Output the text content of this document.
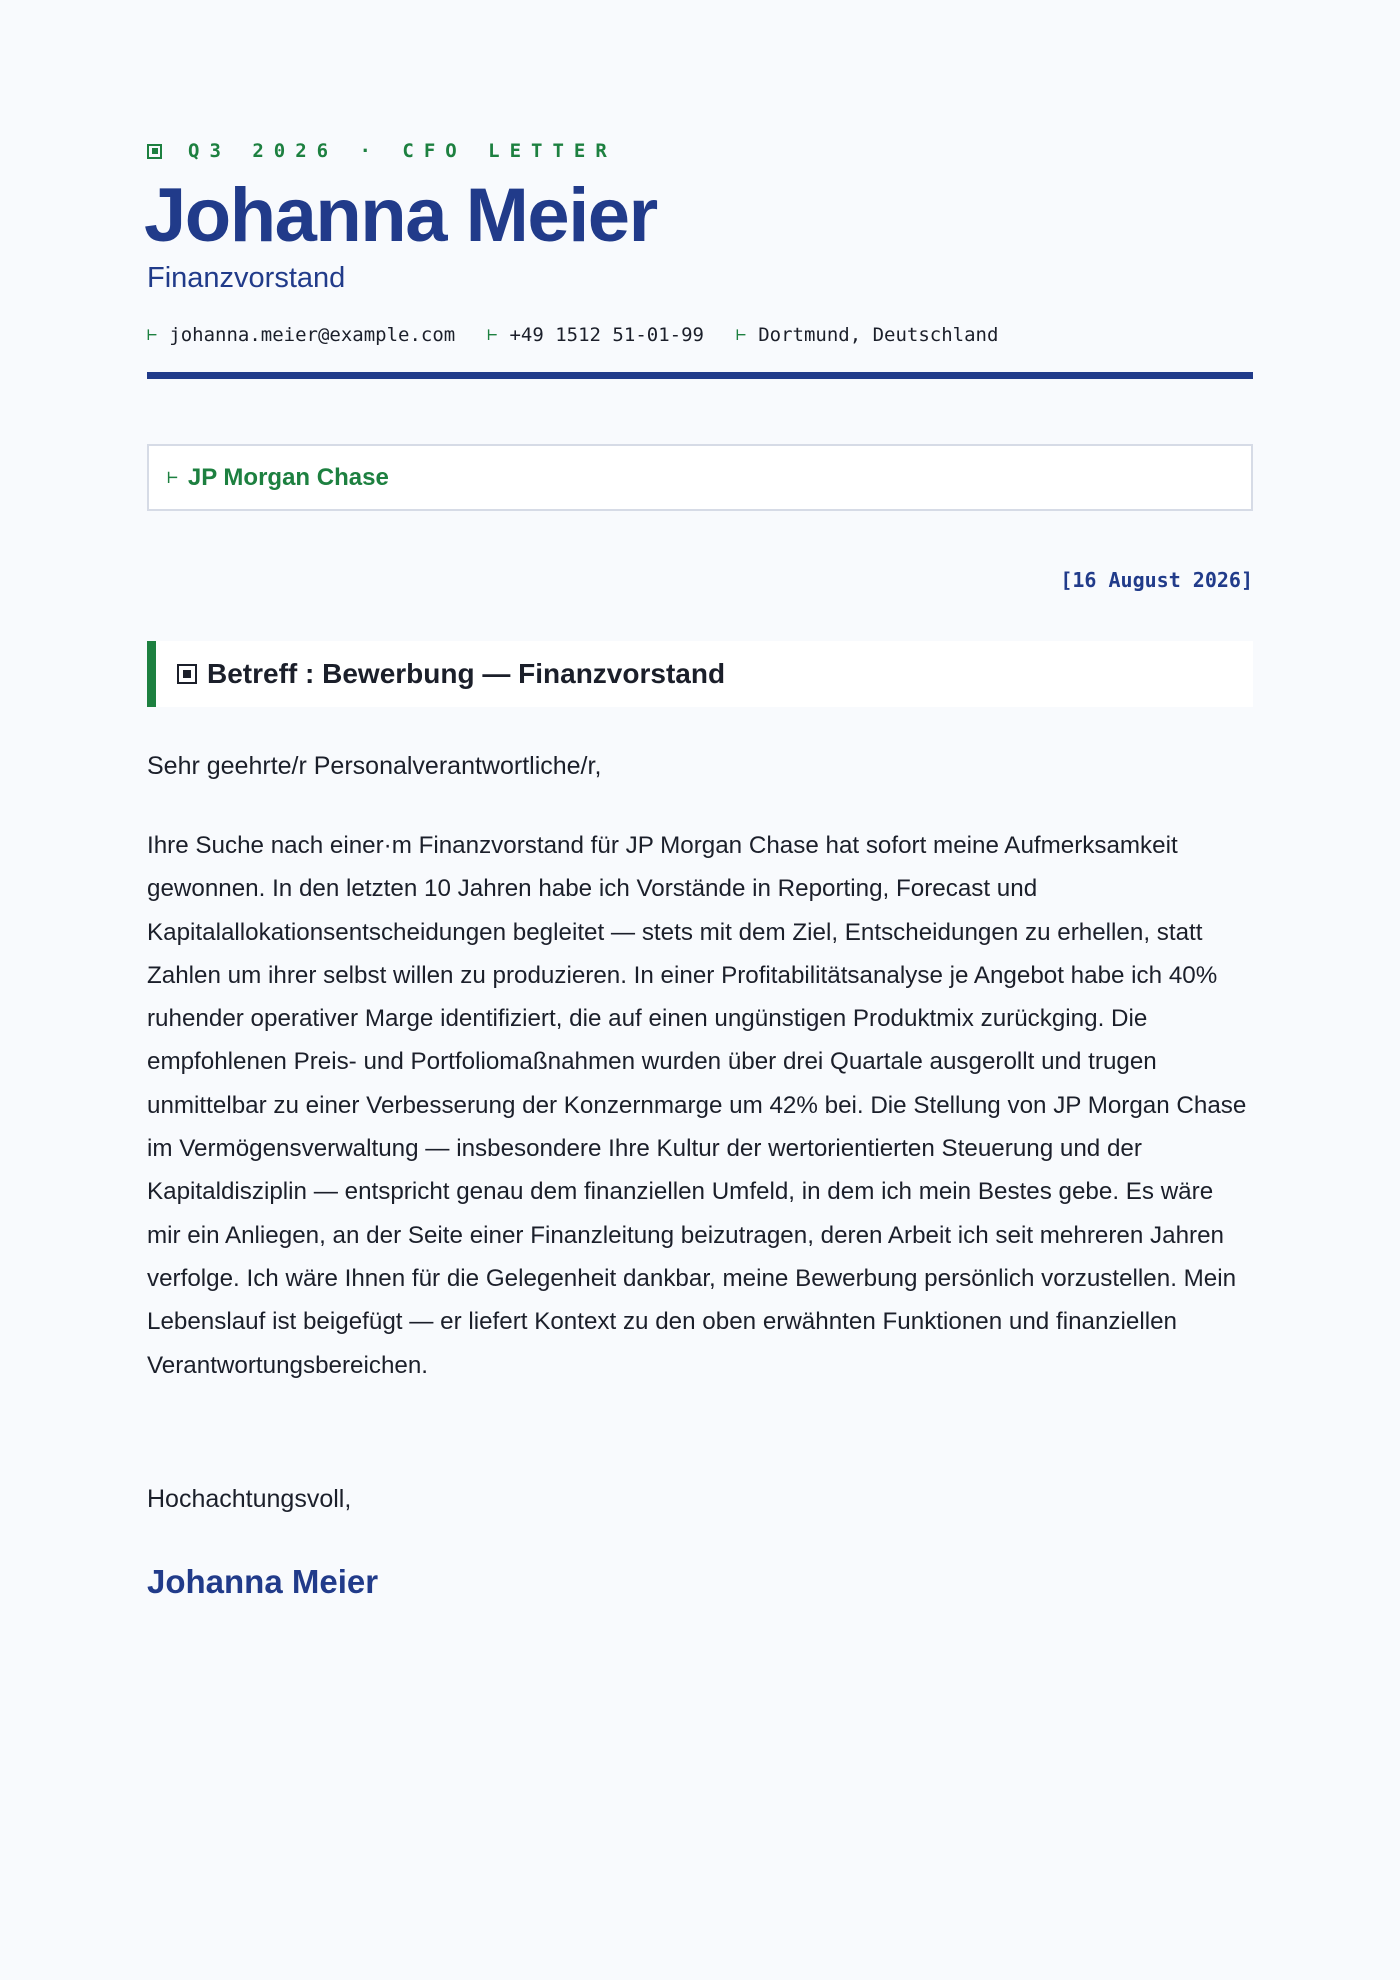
Q3 2026 · CFO LETTER
Johanna Meier
Finanzvorstand
⊢ johanna.meier@example.com ⊢ +49 1512 51-01-99 ⊢ Dortmund, Deutschland
⊢ JP Morgan Chase
[16 August 2026]
Betreff : Bewerbung — Finanzvorstand
Sehr geehrte/r Personalverantwortliche/r,
Ihre Suche nach einer·m Finanzvorstand für JP Morgan Chase hat sofort meine Aufmerksamkeit gewonnen. In den letzten 10 Jahren habe ich Vorstände in Reporting, Forecast und Kapitalallokationsentscheidungen begleitet — stets mit dem Ziel, Entscheidungen zu erhellen, statt Zahlen um ihrer selbst willen zu produzieren. In einer Profitabilitätsanalyse je Angebot habe ich 40% ruhender operativer Marge identifiziert, die auf einen ungünstigen Produktmix zurückging. Die empfohlenen Preis- und Portfoliomaßnahmen wurden über drei Quartale ausgerollt und trugen unmittelbar zu einer Verbesserung der Konzernmarge um 42% bei. Die Stellung von JP Morgan Chase im Vermögensverwaltung — insbesondere Ihre Kultur der wertorientierten Steuerung und der Kapitaldisziplin — entspricht genau dem finanziellen Umfeld, in dem ich mein Bestes gebe. Es wäre mir ein Anliegen, an der Seite einer Finanzleitung beizutragen, deren Arbeit ich seit mehreren Jahren verfolge. Ich wäre Ihnen für die Gelegenheit dankbar, meine Bewerbung persönlich vorzustellen. Mein Lebenslauf ist beigefügt — er liefert Kontext zu den oben erwähnten Funktionen und finanziellen Verantwortungsbereichen.
Hochachtungsvoll,
Johanna Meier
